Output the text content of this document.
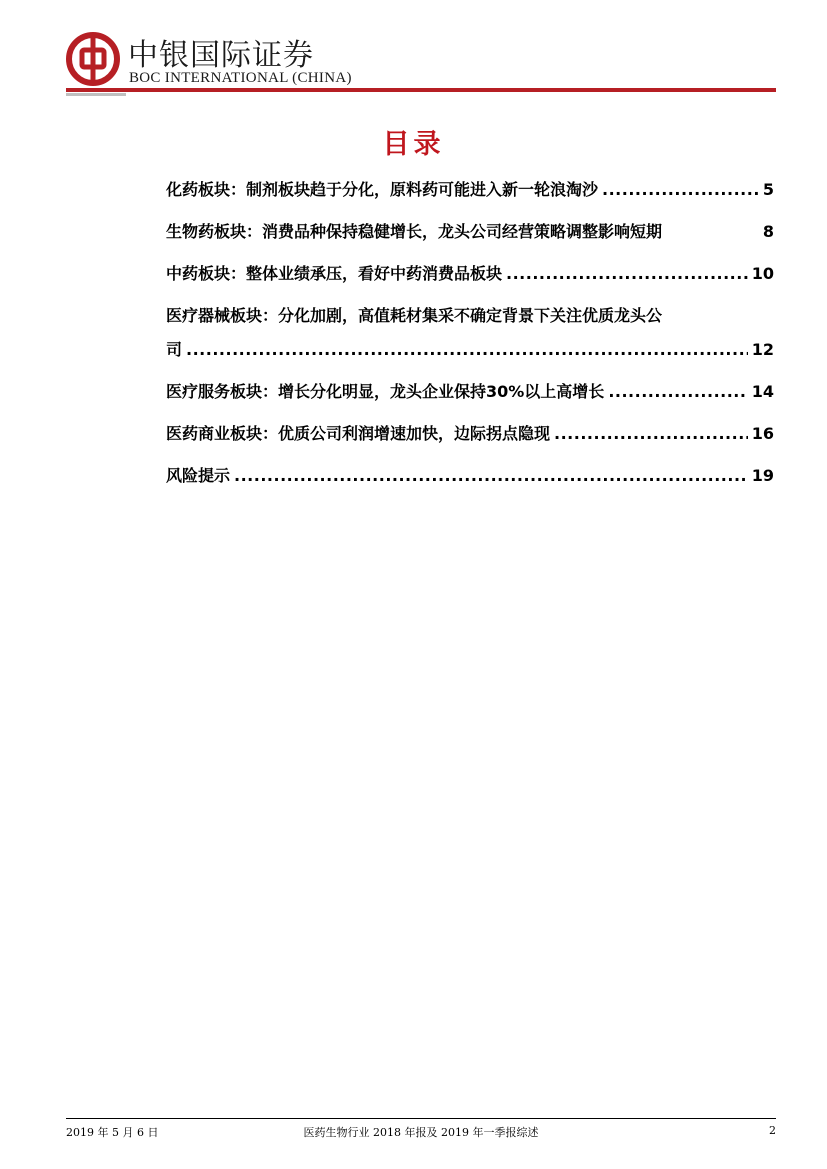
中银国际证券
BOC INTERNATIONAL (CHINA)
目录
化药板块：制剂板块趋于分化，原料药可能进入新一轮浪淘沙 .....	5
生物药板块：消费品种保持稳健增长，龙头公司经营策略调整影响短期	8
中药板块：整体业绩承压，看好中药消费品板块 .....	10
医疗器械板块：分化加剧，高值耗材集采不确定背景下关注优质龙头公
司 .....	12
医疗服务板块：增长分化明显，龙头企业保持30%以上高增长 .....	14
医药商业板块：优质公司利润增速加快，边际拐点隐现 .....	16
风险提示 .....	19
2019 年 5 月 6 日	医药生物行业 2018 年报及 2019 年一季报综述	2
